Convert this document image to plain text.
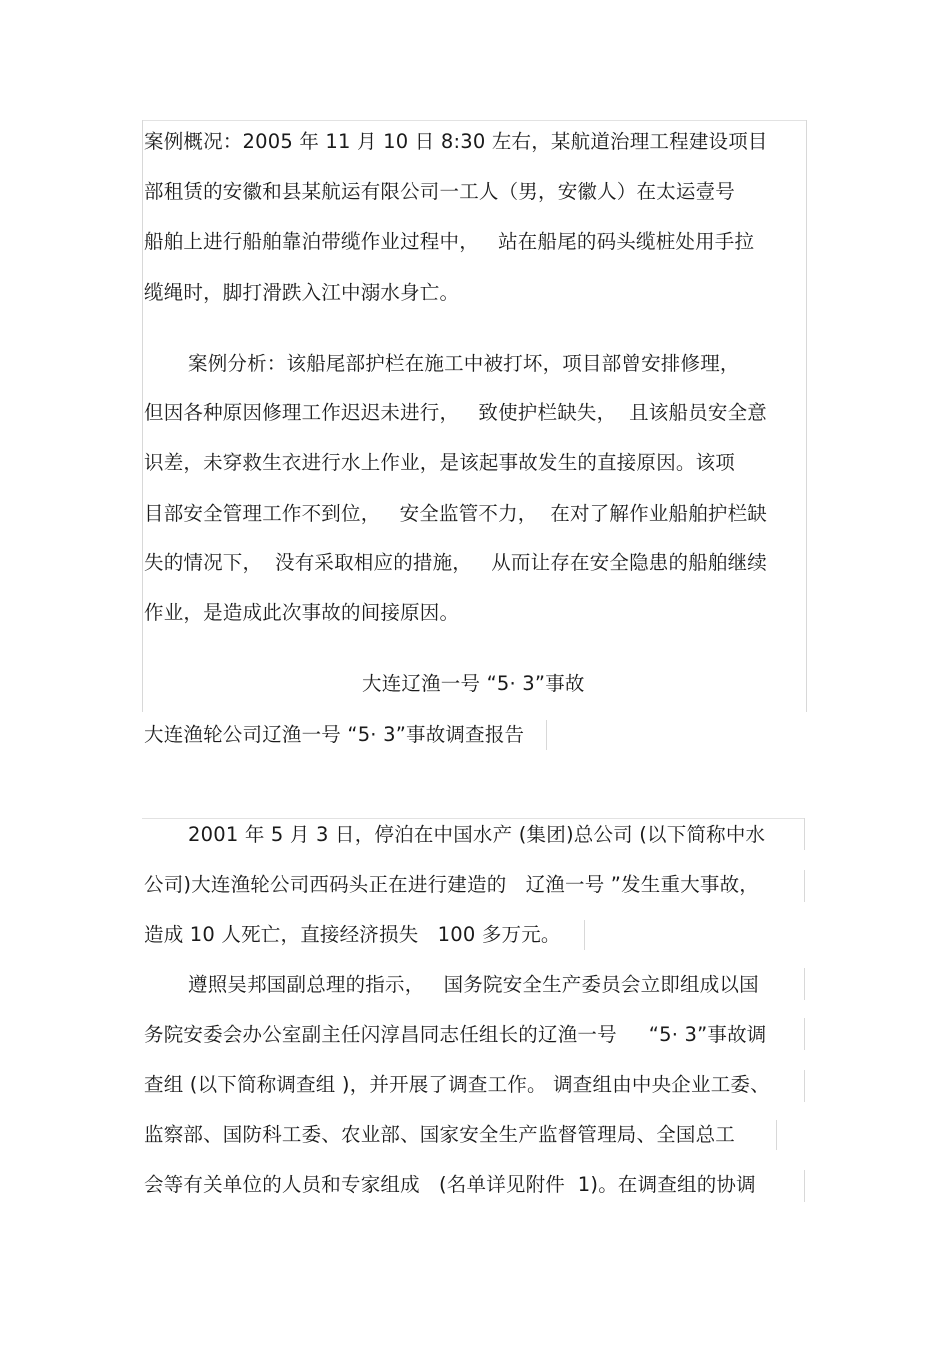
案例概况：2005 年 11 月 10 日 8:30 左右，某航道治理工程建设项目
部租赁的安徽和县某航运有限公司一工人（男，安徽人）在太运壹号
船舶上进行船舶靠泊带缆作业过程中，   站在船尾的码头缆桩处用手拉
缆绳时，脚打滑跌入江中溺水身亡。
案例分析：该船尾部护栏在施工中被打坏，项目部曾安排修理，
但因各种原因修理工作迟迟未进行，   致使护栏缺失，  且该船员安全意
识差，未穿救生衣进行水上作业，是该起事故发生的直接原因。该项
目部安全管理工作不到位，   安全监管不力，  在对了解作业船舶护栏缺
失的情况下，  没有采取相应的措施，   从而让存在安全隐患的船舶继续
作业，是造成此次事故的间接原因。
大连辽渔一号 “5· 3”事故
大连渔轮公司辽渔一号 “5· 3”事故调查报告
2001 年 5 月 3 日，停泊在中国水产 (集团)总公司 (以下简称中水
公司)大连渔轮公司西码头正在进行建造的   辽渔一号 ”发生重大事故，
造成 10 人死亡，直接经济损失   100 多万元。
遵照吴邦国副总理的指示，   国务院安全生产委员会立即组成以国
务院安委会办公室副主任闪淳昌同志任组长的辽渔一号     “5· 3”事故调
查组 (以下简称调查组 )，并开展了调查工作。 调查组由中央企业工委、
监察部、国防科工委、农业部、国家安全生产监督管理局、全国总工
会等有关单位的人员和专家组成   (名单详见附件  1)。在调查组的协调
